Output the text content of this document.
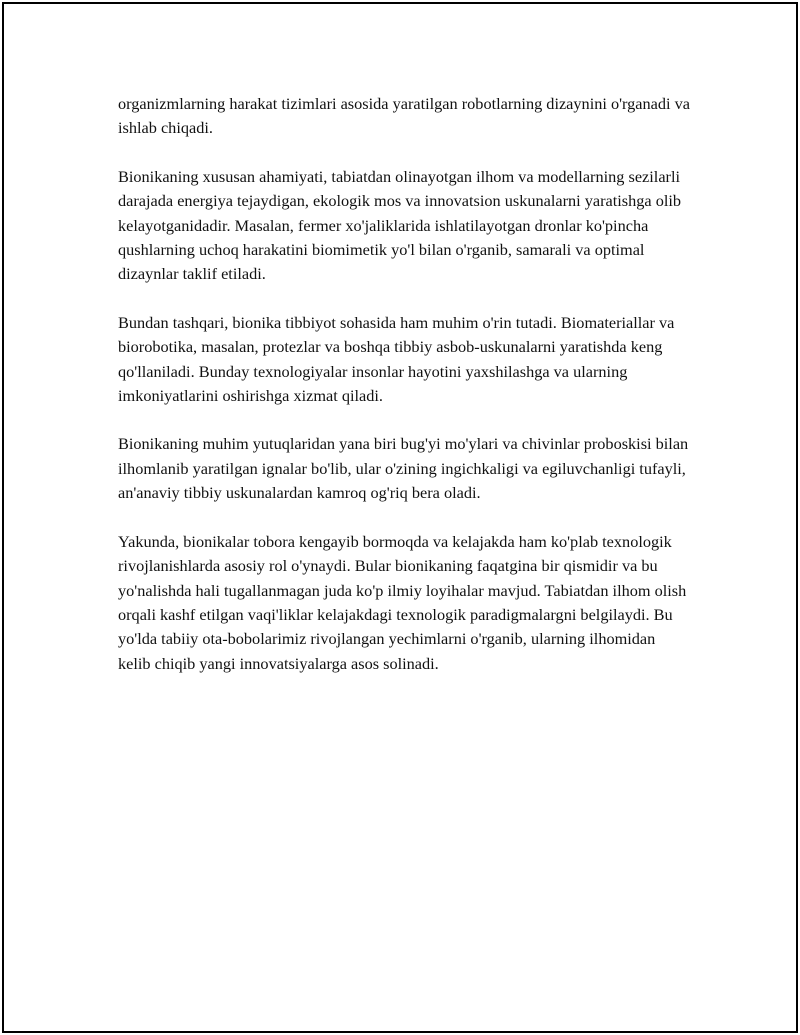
organizmlarning harakat tizimlari asosida yaratilgan robotlarning dizaynini o'rganadi va ishlab chiqadi.

Bionikaning xususan ahamiyati, tabiatdan olinayotgan ilhom va modellarning sezilarli darajada energiya tejaydigan, ekologik mos va innovatsion uskunalarni yaratishga olib kelayotganidadir. Masalan, fermer xo'jaliklarida ishlatilayotgan dronlar ko'pincha qushlarning uchoq harakatini biomimetik yo'l bilan o'rganib, samarali va optimal dizaynlar taklif etiladi.

Bundan tashqari, bionika tibbiyot sohasida ham muhim o'rin tutadi. Biomateriallar va biorobotika, masalan, protezlar va boshqa tibbiy asbob-uskunalarni yaratishda keng qo'llaniladi. Bunday texnologiyalar insonlar hayotini yaxshilashga va ularning imkoniyatlarini oshirishga xizmat qiladi.

Bionikaning muhim yutuqlaridan yana biri bug'yi mo'ylari va chivinlar proboskisi bilan ilhomlanib yaratilgan ignalar bo'lib, ular o'zining ingichkaligi va egiluvchanligi tufayli, an'anaviy tibbiy uskunalardan kamroq og'riq bera oladi.

Yakunda, bionikalar tobora kengayib bormoqda va kelajakda ham ko'plab texnologik rivojlanishlarda asosiy rol o'ynaydi. Bular bionikaning faqatgina bir qismidir va bu yo'nalishda hali tugallanmagan juda ko'p ilmiy loyihalar mavjud. Tabiatdan ilhom olish orqali kashf etilgan vaqi'liklar kelajakdagi texnologik paradigmalargni belgilaydi. Bu yo'lda tabiiy ota-bobolarimiz rivojlangan yechimlarni o'rganib, ularning ilhomidan kelib chiqib yangi innovatsiyalarga asos solinadi.
